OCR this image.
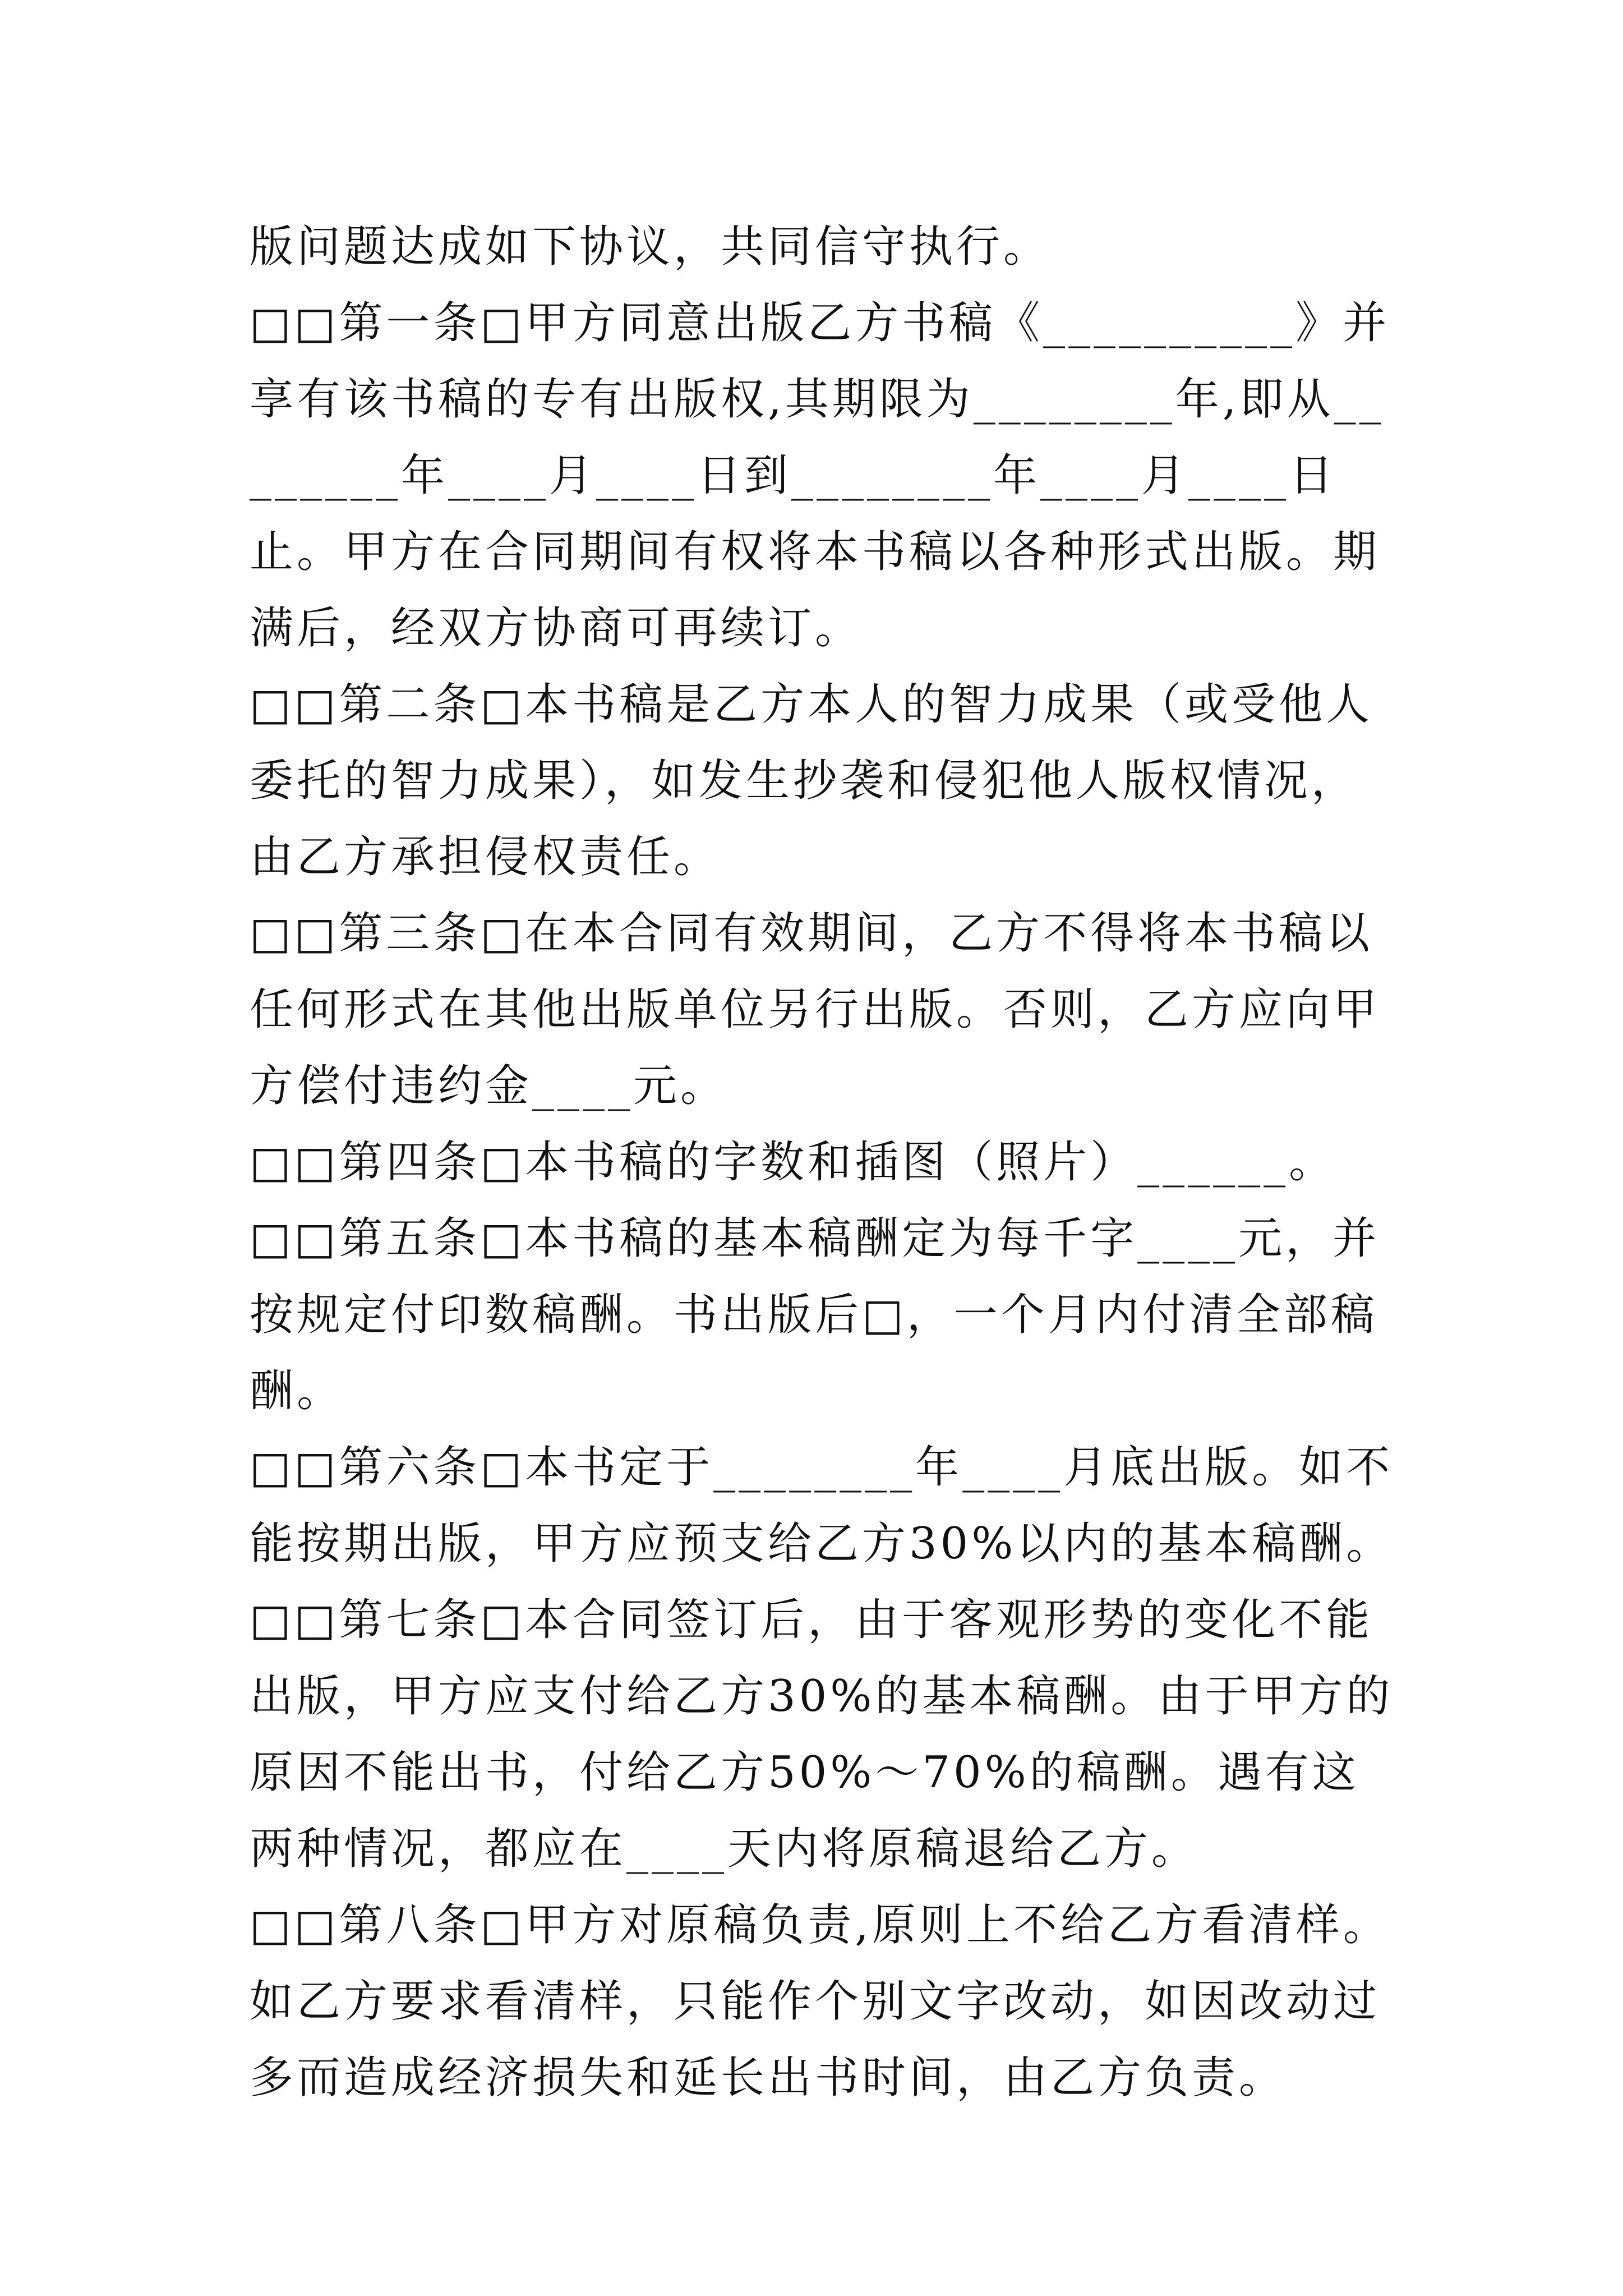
版问题达成如下协议，共同信守执行。

□□第一条□甲方同意出版乙方书稿《__________》并享有该书稿的专有出版权,其期限为________年,即从________年____月____日到________年____月____日止。甲方在合同期间有权将本书稿以各种形式出版。期满后，经双方协商可再续订。

□□第二条□本书稿是乙方本人的智力成果（或受他人委托的智力成果），如发生抄袭和侵犯他人版权情况，由乙方承担侵权责任。

□□第三条□在本合同有效期间，乙方不得将本书稿以任何形式在其他出版单位另行出版。否则，乙方应向甲方偿付违约金____元。

□□第四条□本书稿的字数和插图（照片）______。

□□第五条□本书稿的基本稿酬定为每千字____元，并按规定付印数稿酬。书出版后□，一个月内付清全部稿酬。

□□第六条□本书定于________年____月底出版。如不能按期出版，甲方应预支给乙方30%以内的基本稿酬。

□□第七条□本合同签订后，由于客观形势的变化不能出版，甲方应支付给乙方30%的基本稿酬。由于甲方的原因不能出书，付给乙方50%～70%的稿酬。遇有这两种情况，都应在____天内将原稿退给乙方。

□□第八条□甲方对原稿负责,原则上不给乙方看清样。如乙方要求看清样，只能作个别文字改动，如因改动过多而造成经济损失和延长出书时间，由乙方负责。
